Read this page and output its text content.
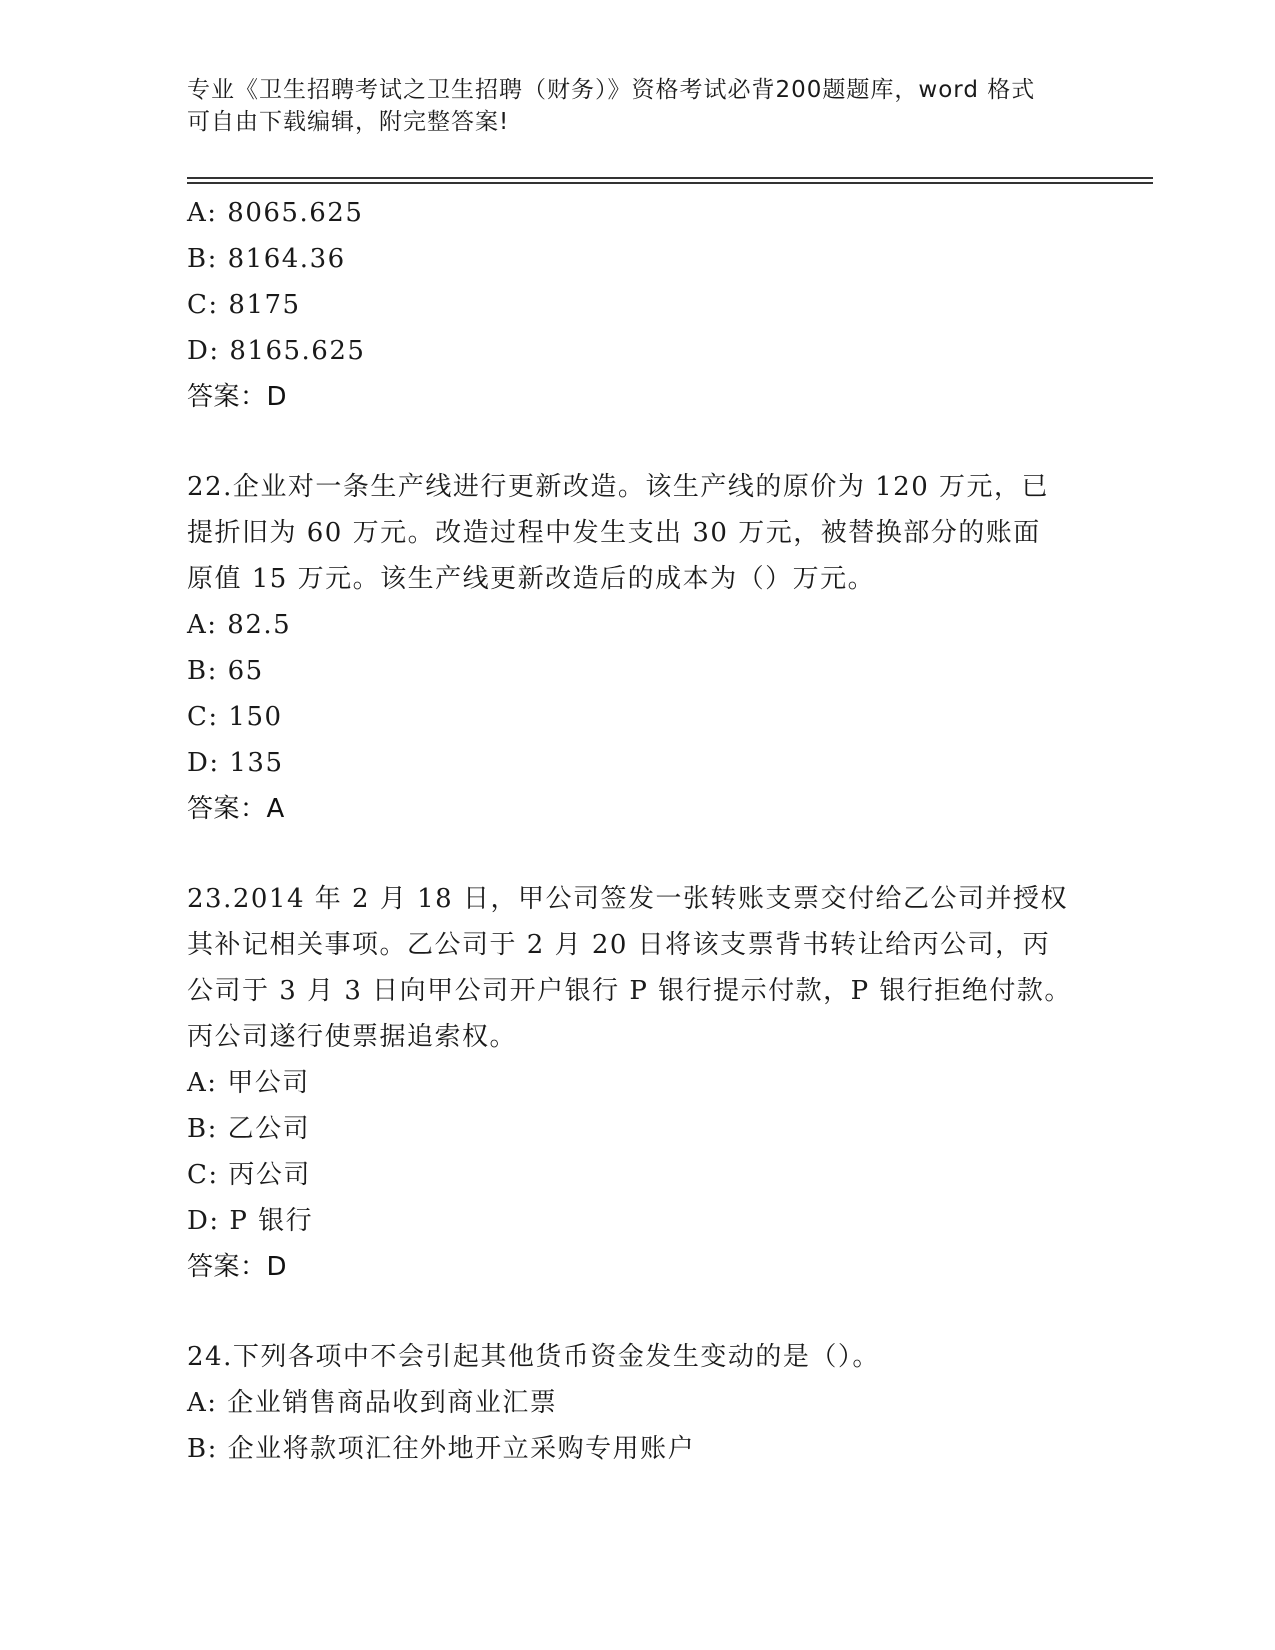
专业《卫生招聘考试之卫生招聘（财务）》资格考试必背200题题库，word 格式
可自由下载编辑，附完整答案!
A: 8065.625
B: 8164.36
C: 8175
D: 8165.625
答案：D
22.企业对一条生产线进行更新改造。该生产线的原价为 120 万元，已
提折旧为 60 万元。改造过程中发生支出 30 万元，被替换部分的账面
原值 15 万元。该生产线更新改造后的成本为（）万元。
A: 82.5
B: 65
C: 150
D: 135
答案：A
23.2014 年 2 月 18 日，甲公司签发一张转账支票交付给乙公司并授权
其补记相关事项。乙公司于 2 月 20 日将该支票背书转让给丙公司，丙
公司于 3 月 3 日向甲公司开户银行 P 银行提示付款，P 银行拒绝付款。
丙公司遂行使票据追索权。
A: 甲公司
B: 乙公司
C: 丙公司
D: P 银行
答案：D
24.下列各项中不会引起其他货币资金发生变动的是（）。
A: 企业销售商品收到商业汇票
B: 企业将款项汇往外地开立采购专用账户
